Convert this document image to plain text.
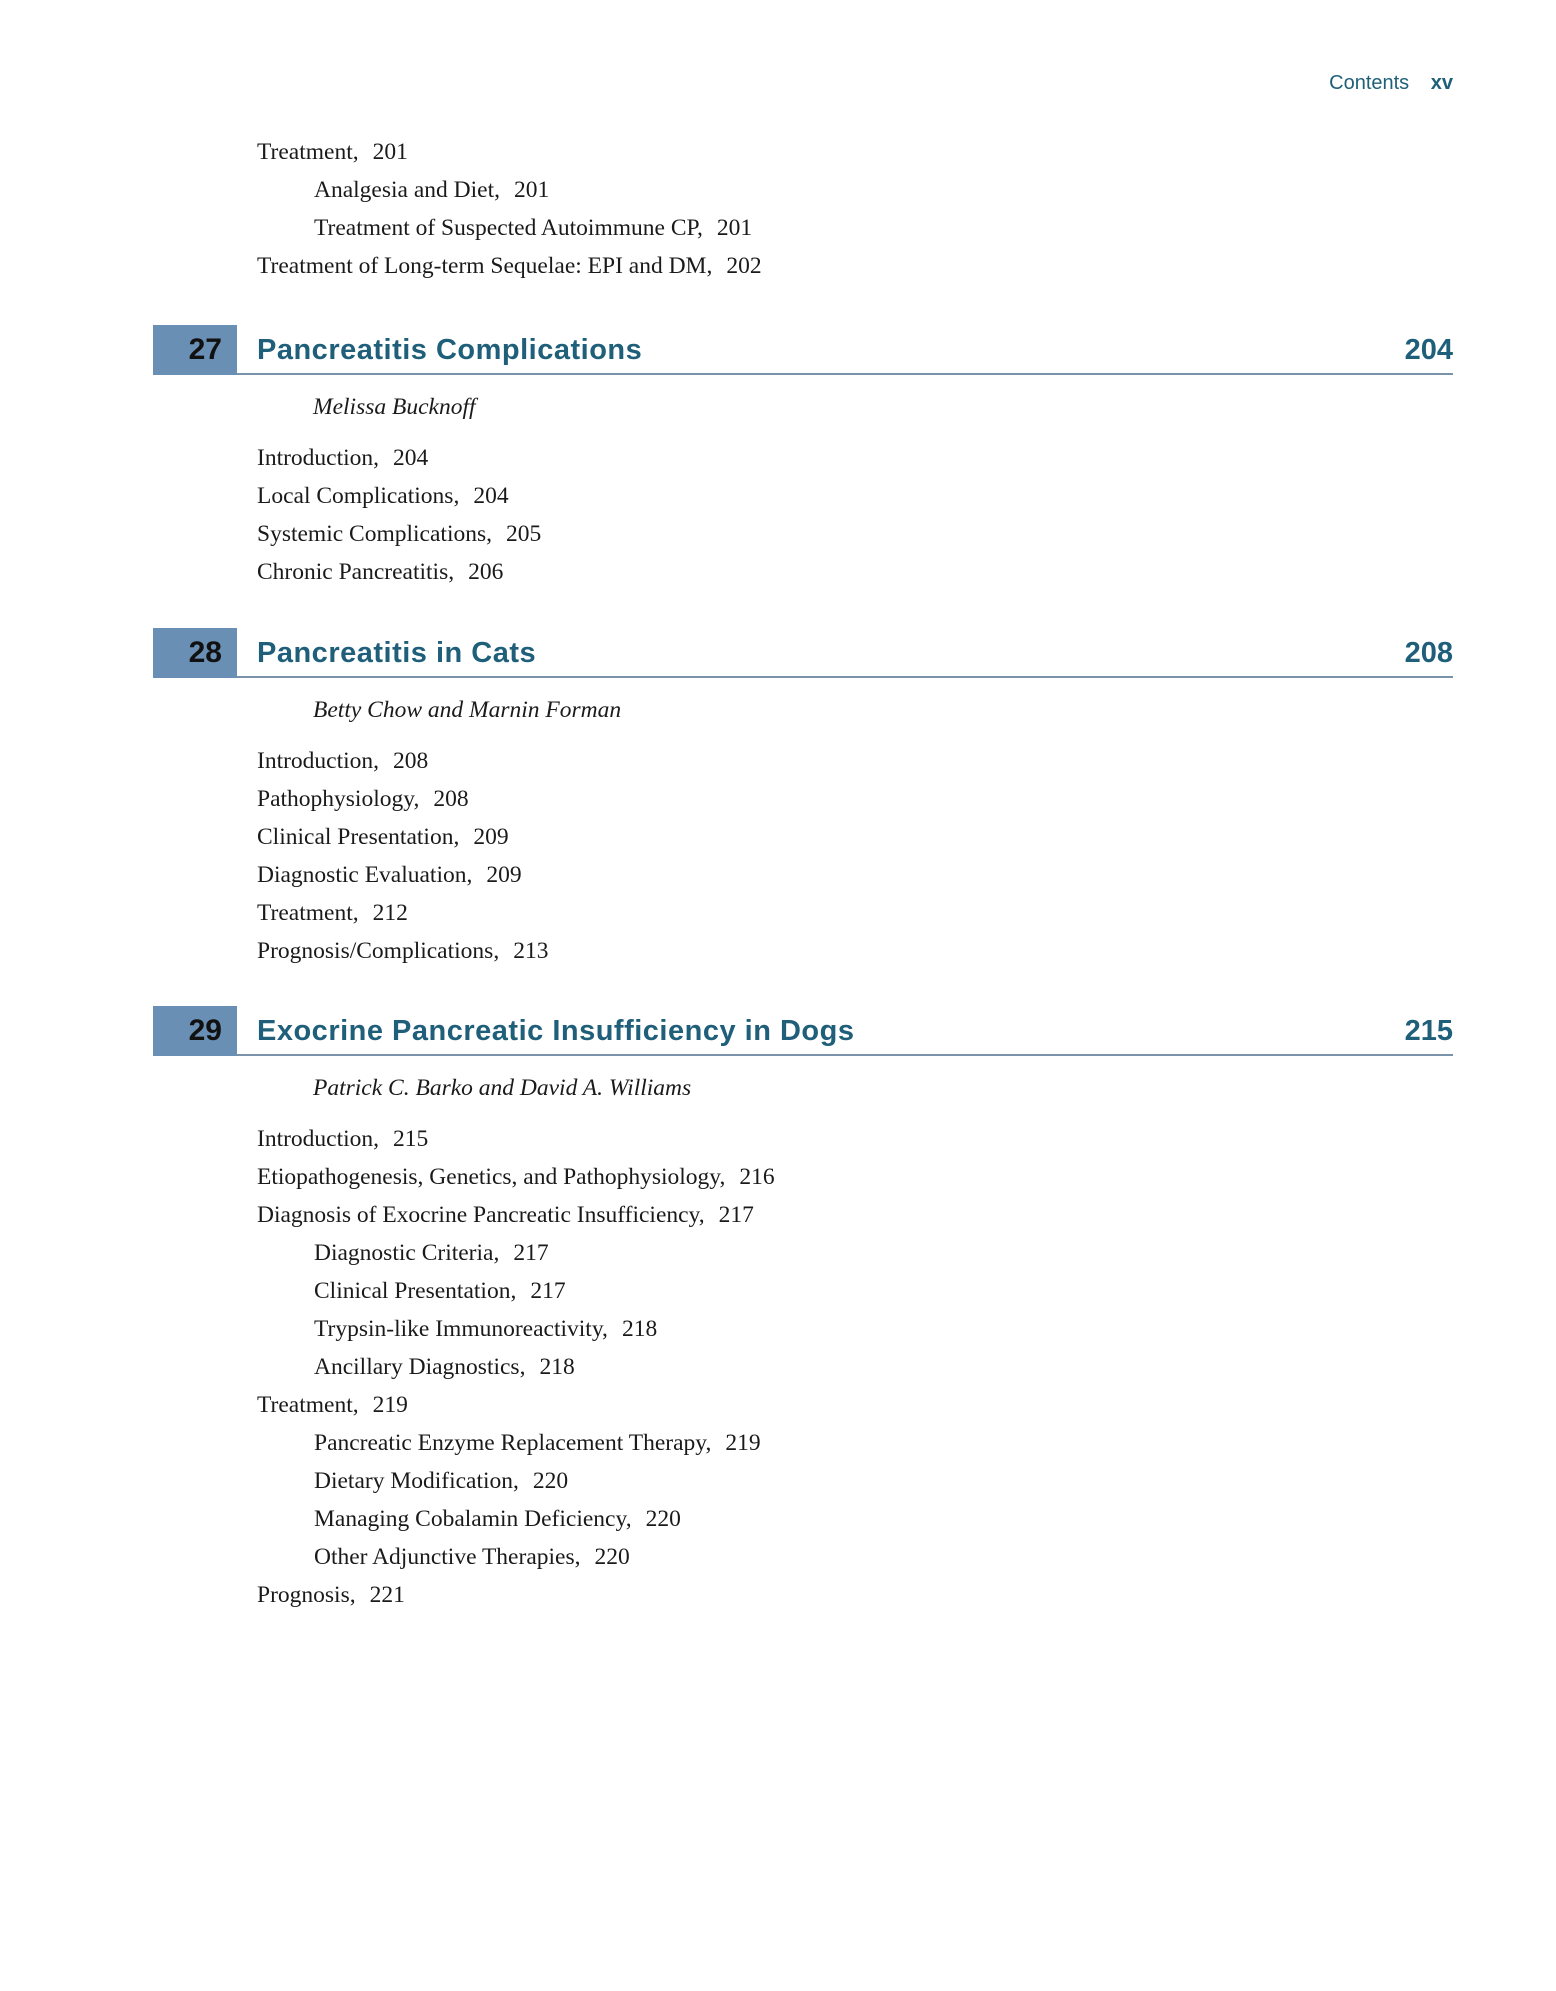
Contents xv
Treatment, 201
Analgesia and Diet, 201
Treatment of Suspected Autoimmune CP, 201
Treatment of Long-term Sequelae: EPI and DM, 202
27	Pancreatitis Complications	204
Melissa Bucknoff
Introduction, 204
Local Complications, 204
Systemic Complications, 205
Chronic Pancreatitis, 206
28	Pancreatitis in Cats	208
Betty Chow and Marnin Forman
Introduction, 208
Pathophysiology, 208
Clinical Presentation, 209
Diagnostic Evaluation, 209
Treatment, 212
Prognosis/Complications, 213
29	Exocrine Pancreatic Insufficiency in Dogs	215
Patrick C. Barko and David A. Williams
Introduction, 215
Etiopathogenesis, Genetics, and Pathophysiology, 216
Diagnosis of Exocrine Pancreatic Insufficiency, 217
Diagnostic Criteria, 217
Clinical Presentation, 217
Trypsin-like Immunoreactivity, 218
Ancillary Diagnostics, 218
Treatment, 219
Pancreatic Enzyme Replacement Therapy, 219
Dietary Modification, 220
Managing Cobalamin Deficiency, 220
Other Adjunctive Therapies, 220
Prognosis, 221
